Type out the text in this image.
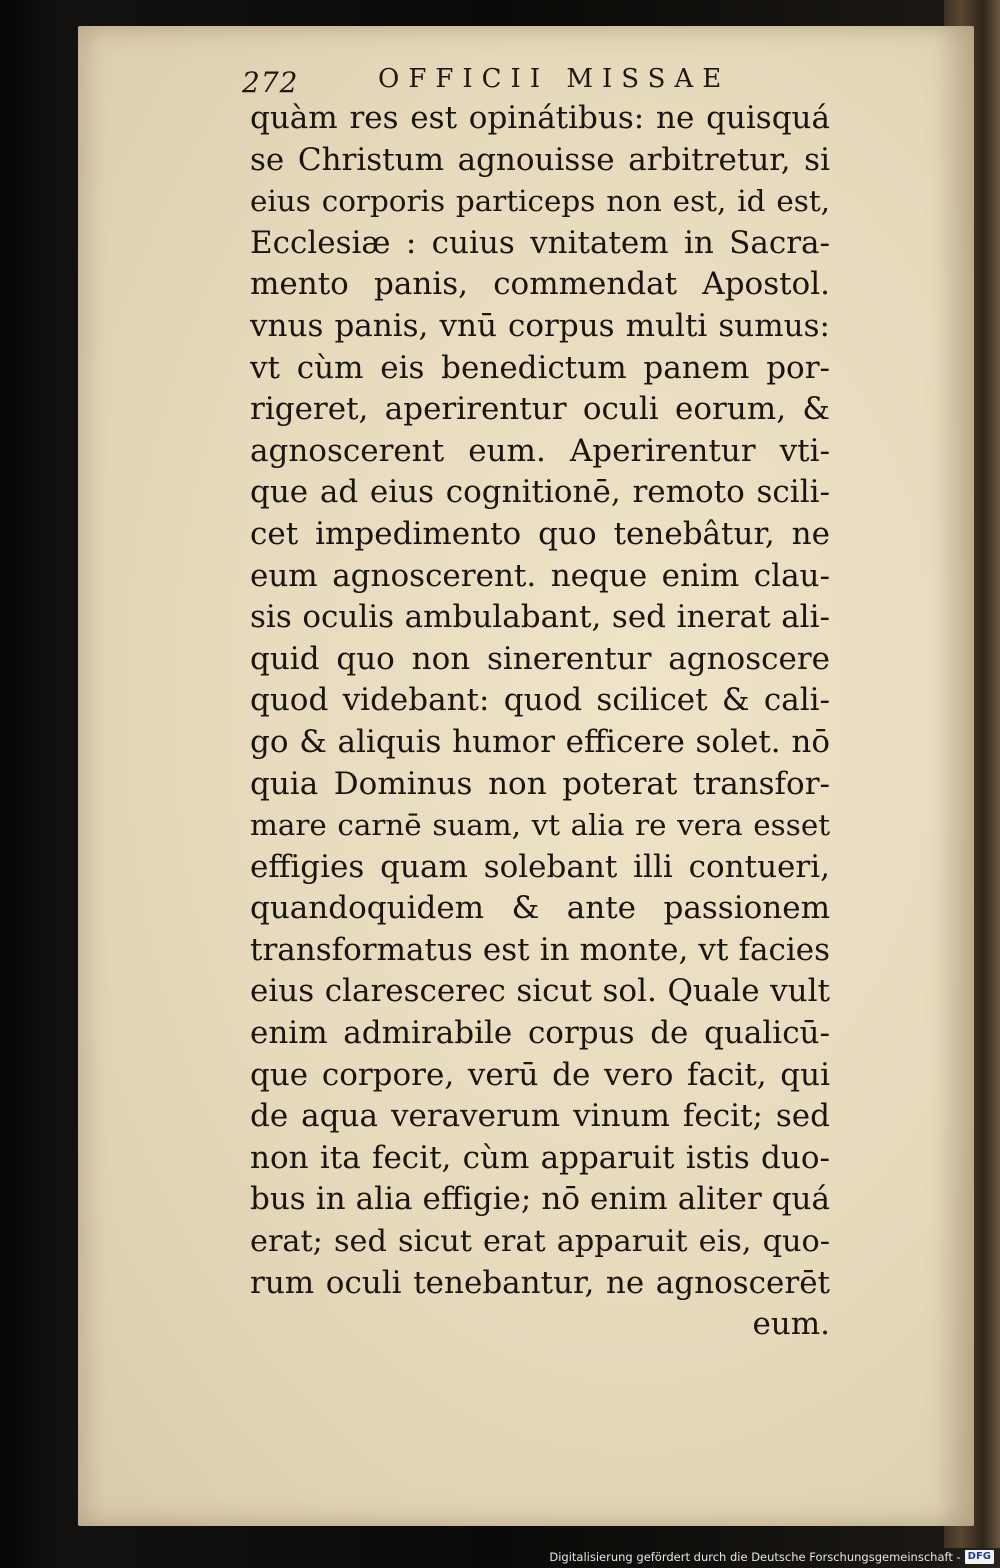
272	OFFICII MISSAE
quàm res est opinátibus: ne quisquá
se Christum agnouisse arbitretur, si
eius corporis particeps non est, id est,
Ecclesiæ : cuius vnitatem in Sacra-
mento panis, commendat Apostol.
vnus panis, vnū corpus multi sumus:
vt cùm eis benedictum panem por-
rigeret, aperirentur oculi eorum, &
agnoscerent eum. Aperirentur vti-
que ad eius cognitionē, remoto scili-
cet impedimento quo tenebâtur, ne
eum agnoscerent. neque enim clau-
sis oculis ambulabant, sed inerat ali-
quid quo non sinerentur agnoscere
quod videbant: quod scilicet & cali-
go & aliquis humor efficere solet. nō
quia Dominus non poterat transfor-
mare carnē suam, vt alia re vera esset
effigies quam solebant illi contueri,
quandoquidem & ante passionem
transformatus est in monte, vt facies
eius clarescerec sicut sol. Quale vult
enim admirabile corpus de qualicū-
que corpore, verū de vero facit, qui
de aqua veraverum vinum fecit; sed
non ita fecit, cùm apparuit istis duo-
bus in alia effigie; nō enim aliter quá
erat; sed sicut erat apparuit eis, quo-
rum oculi tenebantur, ne agnoscerēt
eum.
Digitalisierung gefördert durch die Deutsche Forschungsgemeinschaft - DFG
